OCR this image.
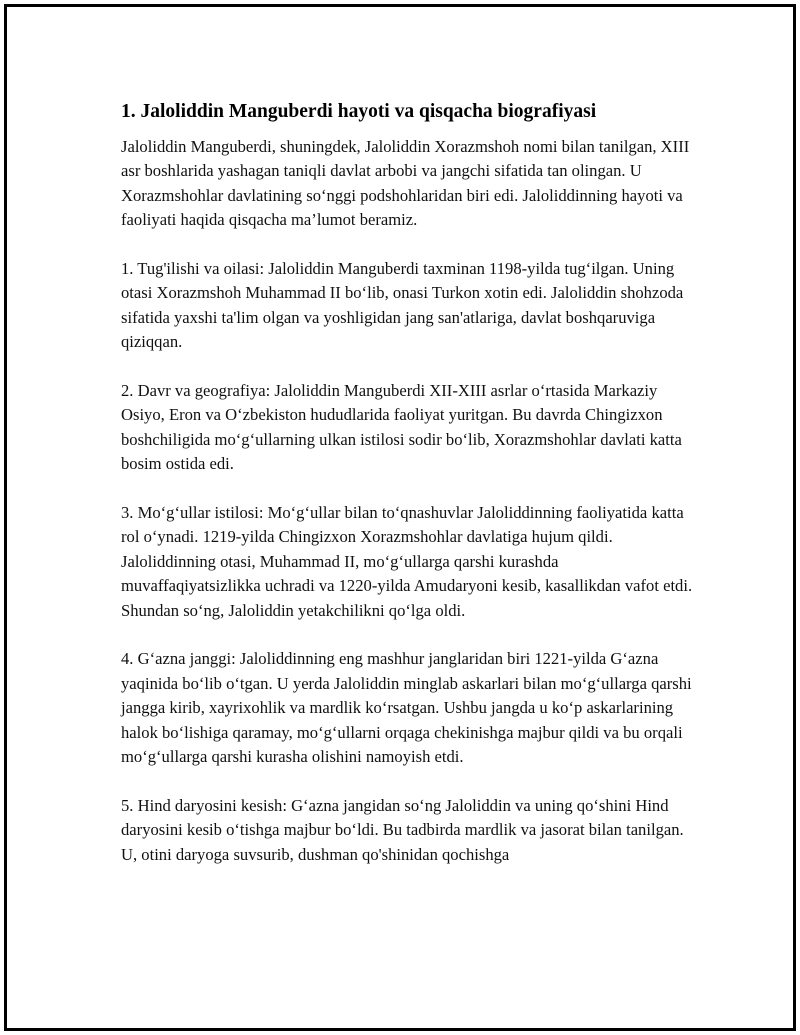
1. Jaloliddin Manguberdi hayoti va qisqacha biografiyasi

Jaloliddin Manguberdi, shuningdek, Jaloliddin Xorazmshoh nomi bilan tanilgan, XIII asr boshlarida yashagan taniqli davlat arbobi va jangchi sifatida tan olingan. U Xorazmshohlar davlatining so‘nggi podshohlaridan biri edi. Jaloliddinning hayoti va faoliyati haqida qisqacha ma’lumot beramiz.

1. Tug'ilishi va oilasi: Jaloliddin Manguberdi taxminan 1198-yilda tug‘ilgan. Uning otasi Xorazmshoh Muhammad II bo‘lib, onasi Turkon xotin edi. Jaloliddin shohzoda sifatida yaxshi ta'lim olgan va yoshligidan jang san'atlariga, davlat boshqaruviga qiziqqan.

2. Davr va geografiya: Jaloliddin Manguberdi XII-XIII asrlar o‘rtasida Markaziy Osiyo, Eron va O‘zbekiston hududlarida faoliyat yuritgan. Bu davrda Chingizxon boshchiligida mo‘g‘ullarning ulkan istilosi sodir bo‘lib, Xorazmshohlar davlati katta bosim ostida edi.

3. Mo‘g‘ullar istilosi: Mo‘g‘ullar bilan to‘qnashuvlar Jaloliddinning faoliyatida katta rol o‘ynadi. 1219-yilda Chingizxon Xorazmshohlar davlatiga hujum qildi. Jaloliddinning otasi, Muhammad II, mo‘g‘ullarga qarshi kurashda muvaffaqiyatsizlikka uchradi va 1220-yilda Amudaryoni kesib, kasallikdan vafot etdi. Shundan so‘ng, Jaloliddin yetakchilikni qo‘lga oldi.

4. G‘azna janggi: Jaloliddinning eng mashhur janglaridan biri 1221-yilda G‘azna yaqinida bo‘lib o‘tgan. U yerda Jaloliddin minglab askarlari bilan mo‘g‘ullarga qarshi jangga kirib, xayrixohlik va mardlik ko‘rsatgan. Ushbu jangda u ko‘p askarlarining halok bo‘lishiga qaramay, mo‘g‘ullarni orqaga chekinishga majbur qildi va bu orqali mo‘g‘ullarga qarshi kurasha olishini namoyish etdi.

5. Hind daryosini kesish: G‘azna jangidan so‘ng Jaloliddin va uning qo‘shini Hind daryosini kesib o‘tishga majbur bo‘ldi. Bu tadbirda mardlik va jasorat bilan tanilgan. U, otini daryoga suvsurib, dushman qo'shinidan qochishga
